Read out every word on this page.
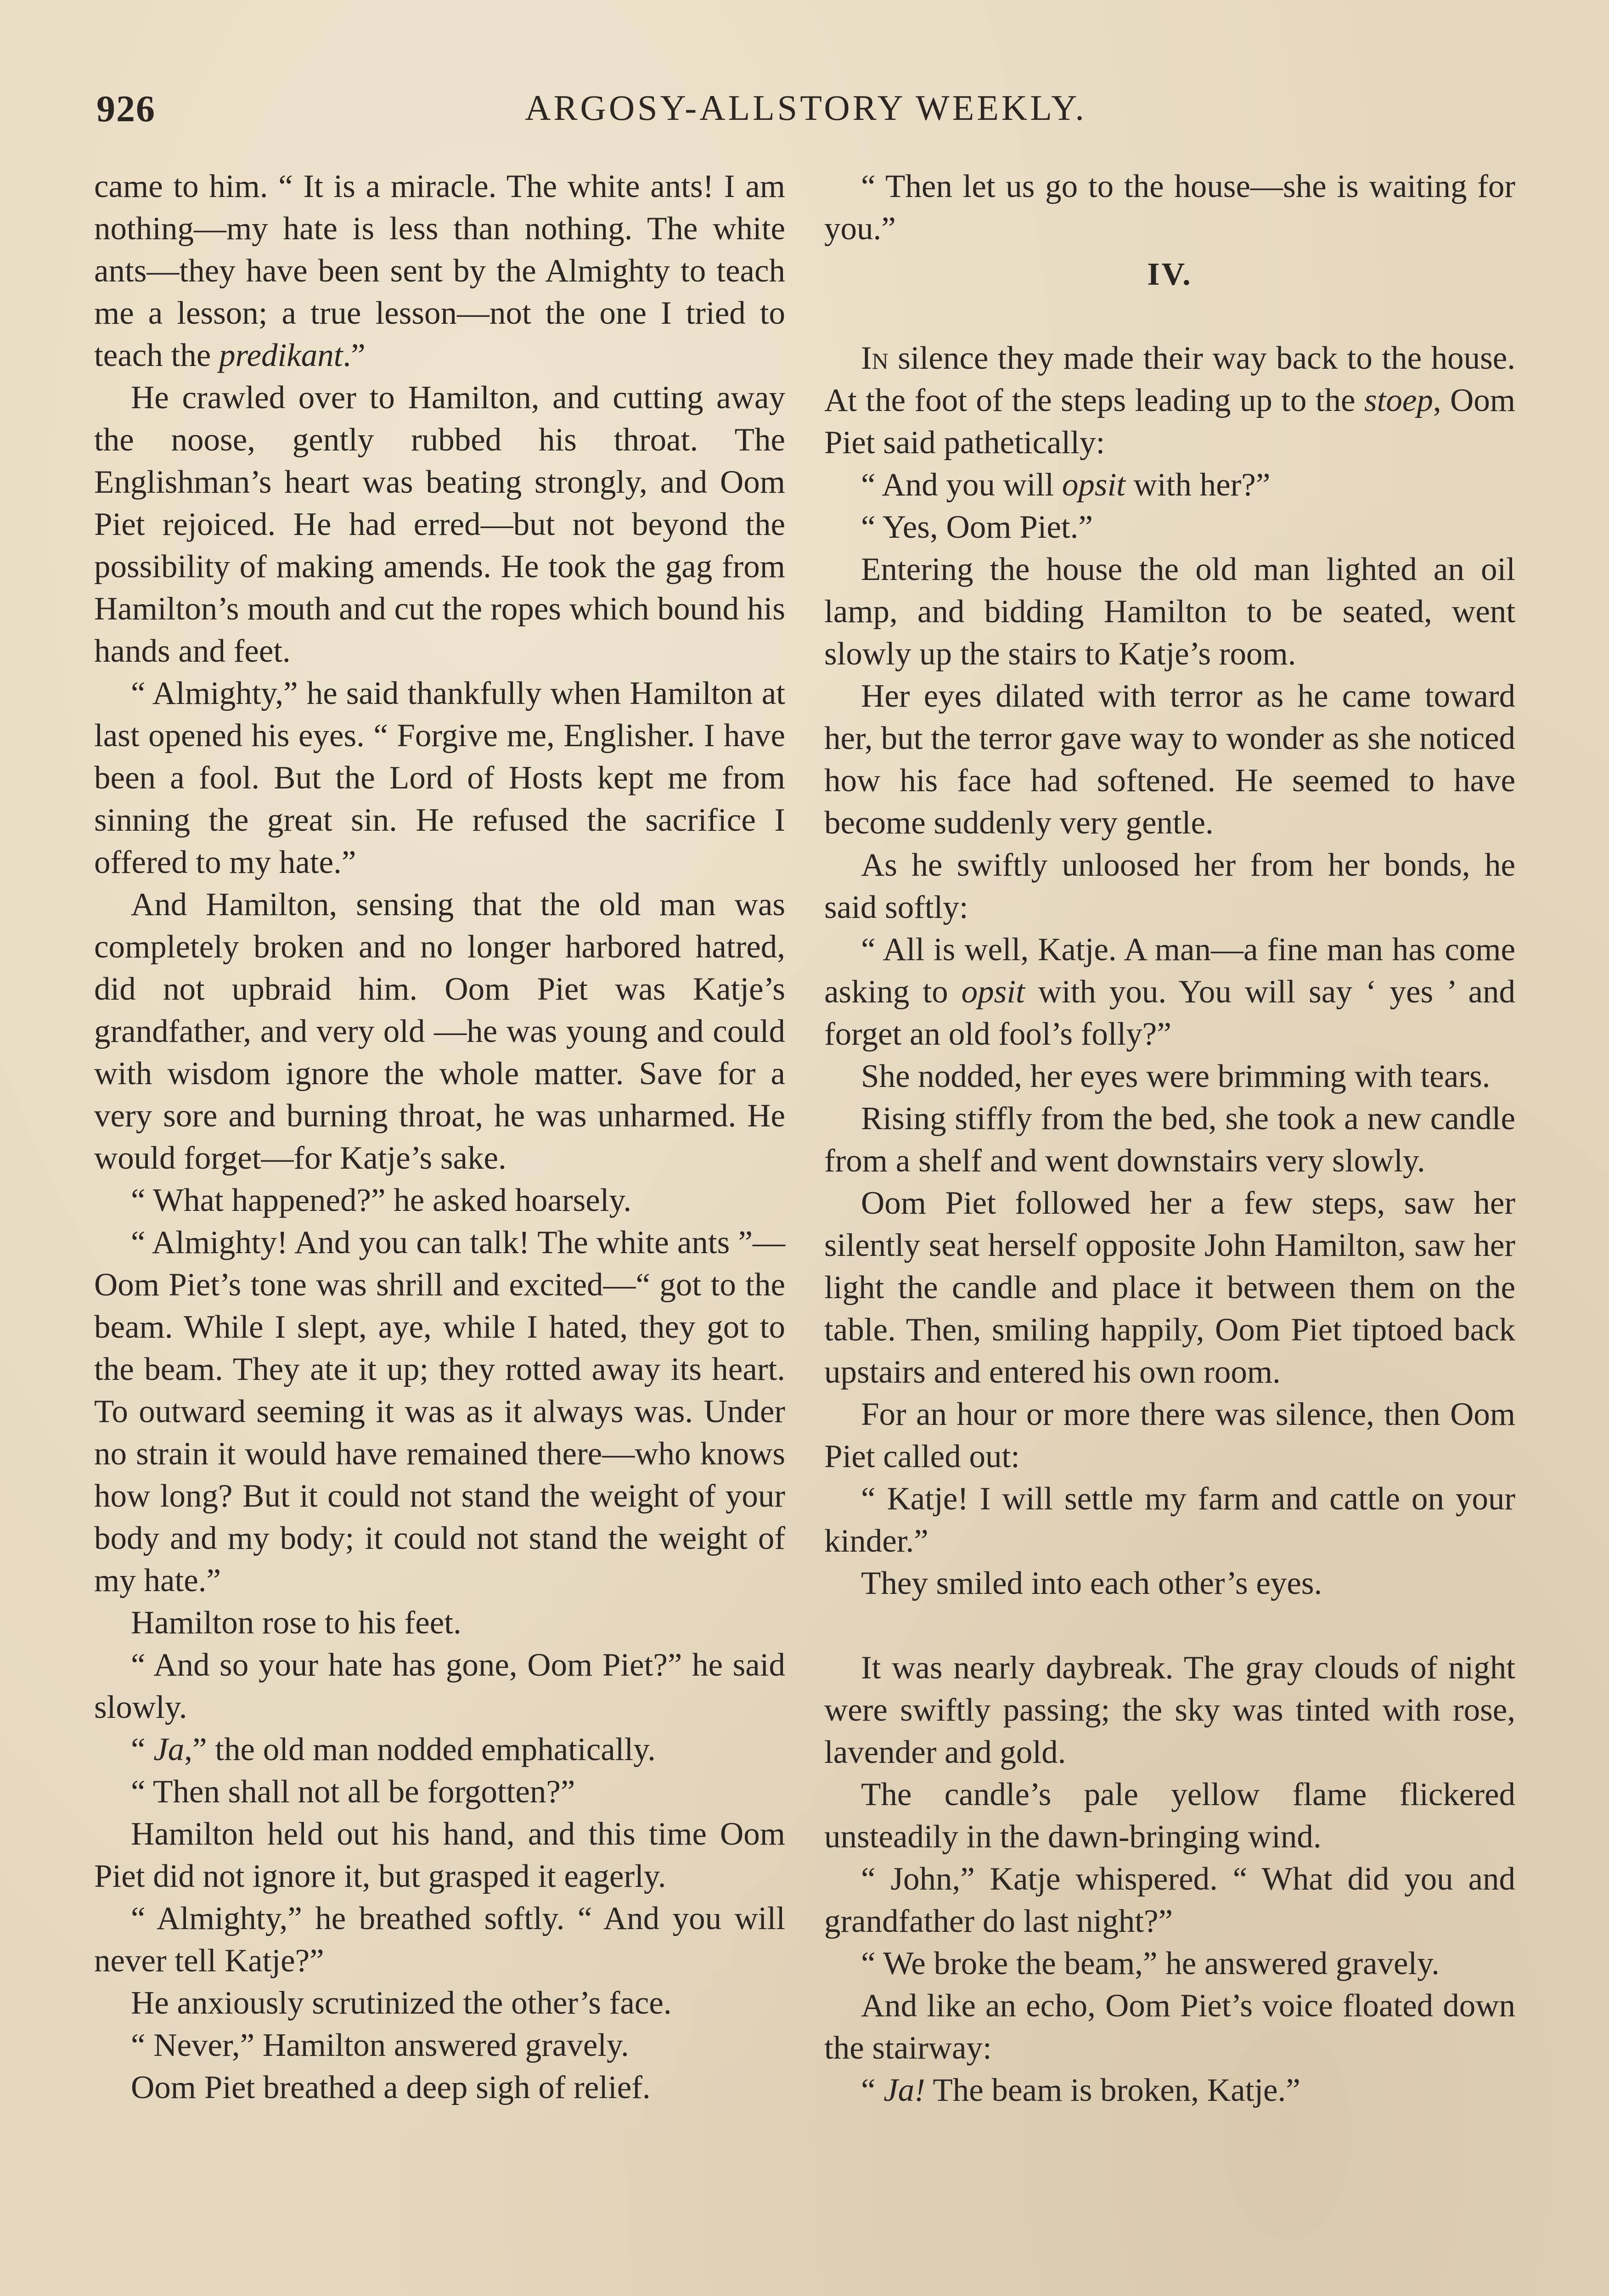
926	ARGOSY-ALLSTORY WEEKLY.

came to him. “ It is a miracle. The white ants! I am nothing—my hate is less than nothing. The white ants—they have been sent by the Almighty to teach me a lesson; a true lesson—not the one I tried to teach the predikant.”

He crawled over to Hamilton, and cutting away the noose, gently rubbed his throat. The Englishman’s heart was beating strongly, and Oom Piet rejoiced. He had erred—but not beyond the possibility of making amends. He took the gag from Hamilton’s mouth and cut the ropes which bound his hands and feet.

“ Almighty,” he said thankfully when Hamilton at last opened his eyes. “ Forgive me, Englisher. I have been a fool. But the Lord of Hosts kept me from sinning the great sin. He refused the sacrifice I offered to my hate.”

And Hamilton, sensing that the old man was completely broken and no longer harbored hatred, did not upbraid him. Oom Piet was Katje’s grandfather, and very old —he was young and could with wisdom ignore the whole matter. Save for a very sore and burning throat, he was unharmed. He would forget—for Katje’s sake.

“ What happened?” he asked hoarsely.

“ Almighty! And you can talk! The white ants ”—Oom Piet’s tone was shrill and excited—“ got to the beam. While I slept, aye, while I hated, they got to the beam. They ate it up; they rotted away its heart. To outward seeming it was as it always was. Under no strain it would have remained there—who knows how long? But it could not stand the weight of your body and my body; it could not stand the weight of my hate.”

Hamilton rose to his feet.

“ And so your hate has gone, Oom Piet?” he said slowly.

“ Ja,” the old man nodded emphatically.

“ Then shall not all be forgotten?”

Hamilton held out his hand, and this time Oom Piet did not ignore it, but grasped it eagerly.

“ Almighty,” he breathed softly. “ And you will never tell Katje?”

He anxiously scrutinized the other’s face.

“ Never,” Hamilton answered gravely.

Oom Piet breathed a deep sigh of relief.

“ Then let us go to the house—she is waiting for you.”

IV.

In silence they made their way back to the house. At the foot of the steps leading up to the stoep, Oom Piet said pathetically:

“ And you will opsit with her?”

“ Yes, Oom Piet.”

Entering the house the old man lighted an oil lamp, and bidding Hamilton to be seated, went slowly up the stairs to Katje’s room.

Her eyes dilated with terror as he came toward her, but the terror gave way to wonder as she noticed how his face had softened. He seemed to have become suddenly very gentle.

As he swiftly unloosed her from her bonds, he said softly:

“ All is well, Katje. A man—a fine man has come asking to opsit with you. You will say ‘ yes ’ and forget an old fool’s folly?”

She nodded, her eyes were brimming with tears.

Rising stiffly from the bed, she took a new candle from a shelf and went downstairs very slowly.

Oom Piet followed her a few steps, saw her silently seat herself opposite John Hamilton, saw her light the candle and place it between them on the table. Then, smiling happily, Oom Piet tiptoed back upstairs and entered his own room.

For an hour or more there was silence, then Oom Piet called out:

“ Katje! I will settle my farm and cattle on your kinder.”

They smiled into each other’s eyes.

It was nearly daybreak. The gray clouds of night were swiftly passing; the sky was tinted with rose, lavender and gold.

The candle’s pale yellow flame flickered unsteadily in the dawn-bringing wind.

“ John,” Katje whispered. “ What did you and grandfather do last night?”

“ We broke the beam,” he answered gravely.

And like an echo, Oom Piet’s voice floated down the stairway:

“ Ja! The beam is broken, Katje.”
